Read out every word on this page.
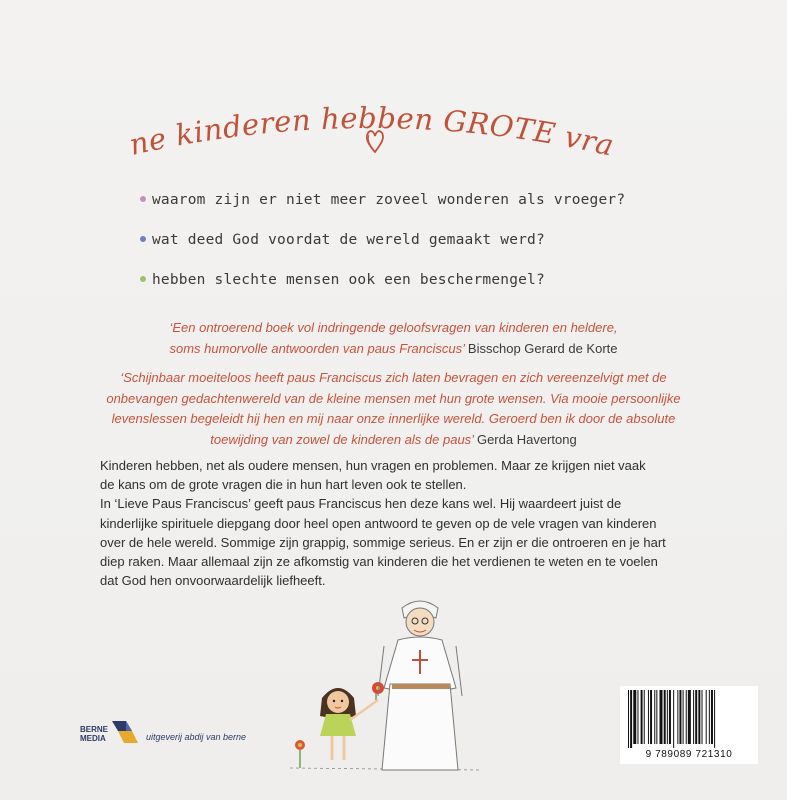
Kleine kinderen hebben GROTE vragen
waarom zijn er niet meer zoveel wonderen als vroeger?
wat deed God voordat de wereld gemaakt werd?
hebben slechte mensen ook een beschermengel?
‘Een ontroerend boek vol indringende geloofsvragen van kinderen en heldere,
soms humorvolle antwoorden van paus Franciscus’ Bisschop Gerard de Korte
‘Schijnbaar moeiteloos heeft paus Franciscus zich laten bevragen en zich vereenzelvigt met de
onbevangen gedachtenwereld van de kleine mensen met hun grote wensen. Via mooie persoonlijke
levenslessen begeleidt hij hen en mij naar onze innerlijke wereld. Geroerd ben ik door de absolute
toewijding van zowel de kinderen als de paus’ Gerda Havertong
Kinderen hebben, net als oudere mensen, hun vragen en problemen. Maar ze krijgen niet vaak
de kans om de grote vragen die in hun hart leven ook te stellen.
In ‘Lieve Paus Franciscus’ geeft paus Franciscus hen deze kans wel. Hij waardeert juist de
kinderlijke spirituele diepgang door heel open antwoord te geven op de vele vragen van kinderen
over de hele wereld. Sommige zijn grappig, sommige serieus. En er zijn er die ontroeren en je hart
diep raken. Maar allemaal zijn ze afkomstig van kinderen die het verdienen te weten en te voelen
dat God hen onvoorwaardelijk liefheeft.
BERNE
MEDIA	uitgeverij abdij van berne
9 789089 721310
